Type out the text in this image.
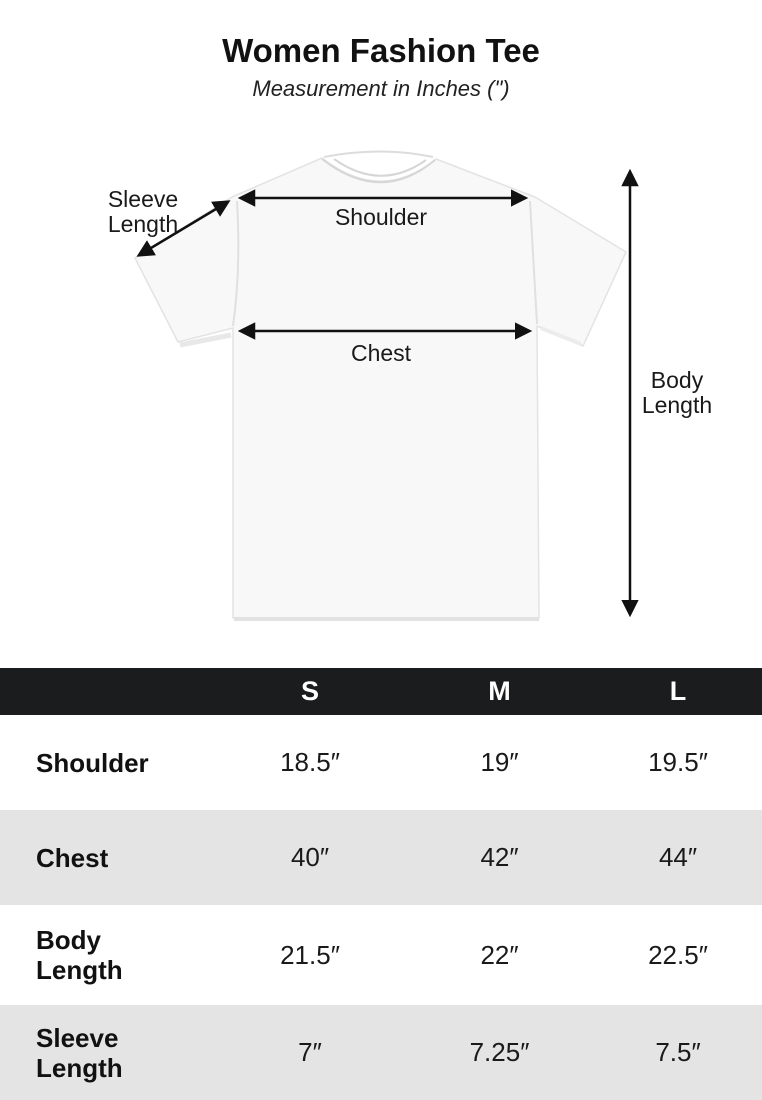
Women Fashion Tee

Measurement in Inches (")

Sleeve
Length	Shoulder
Chest
Body
Length
	S	M	L

Shoulder	18.5″	19″	19.5″

Chest	40″	42″	44″

Body Length	21.5″	22″	22.5″

Sleeve Length	7″	7.25″	7.5″
